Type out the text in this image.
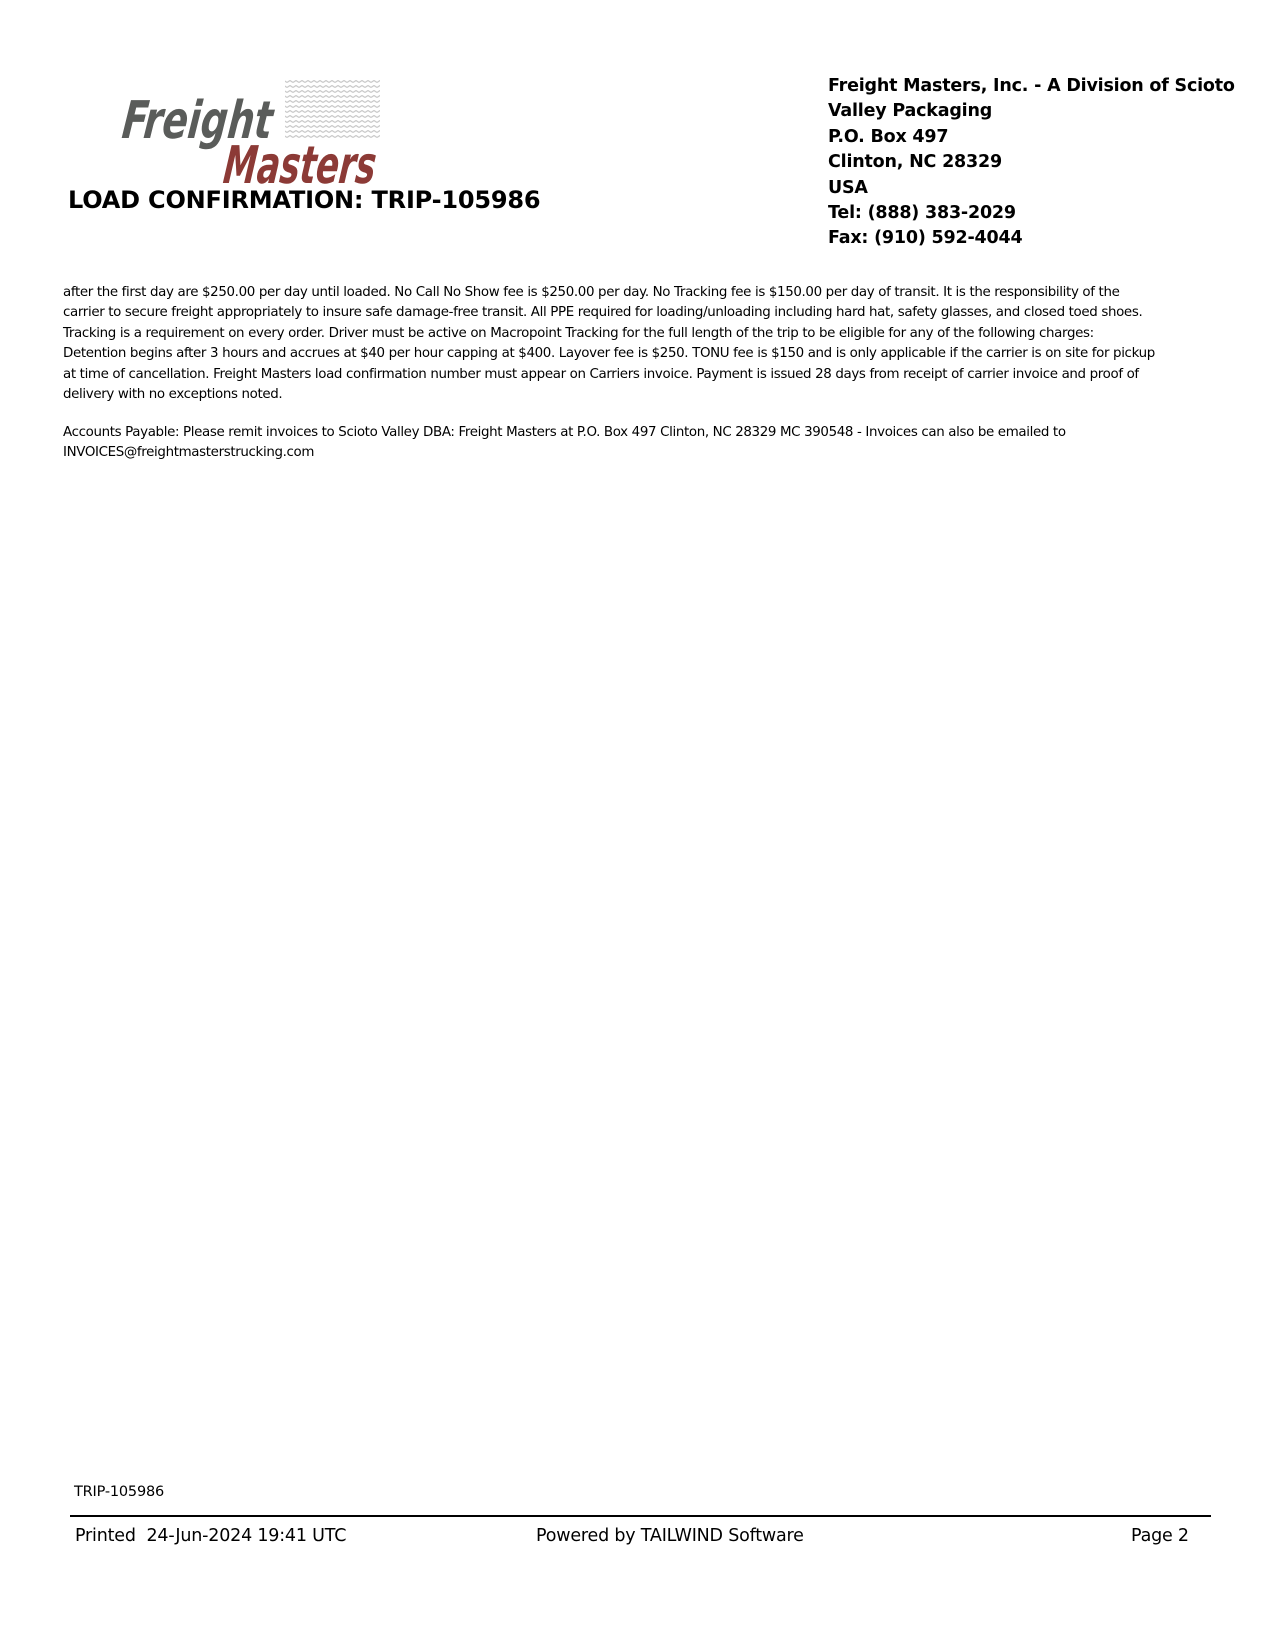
Freight
Masters
LOAD CONFIRMATION: TRIP-105986
Freight Masters, Inc. - A Division of Scioto
Valley Packaging
P.O. Box 497
Clinton, NC 28329
USA
Tel: (888) 383-2029
Fax: (910) 592-4044
after the first day are $250.00 per day until loaded. No Call No Show fee is $250.00 per day. No Tracking fee is $150.00 per day of transit. It is the responsibility of the
carrier to secure freight appropriately to insure safe damage-free transit. All PPE required for loading/unloading including hard hat, safety glasses, and closed toed shoes.
Tracking is a requirement on every order. Driver must be active on Macropoint Tracking for the full length of the trip to be eligible for any of the following charges:
Detention begins after 3 hours and accrues at $40 per hour capping at $400. Layover fee is $250. TONU fee is $150 and is only applicable if the carrier is on site for pickup
at time of cancellation. Freight Masters load confirmation number must appear on Carriers invoice. Payment is issued 28 days from receipt of carrier invoice and proof of
delivery with no exceptions noted.
Accounts Payable: Please remit invoices to Scioto Valley DBA: Freight Masters at P.O. Box 497 Clinton, NC 28329 MC 390548 - Invoices can also be emailed to
INVOICES@freightmasterstrucking.com
TRIP-105986
Printed  24-Jun-2024 19:41 UTC	Powered by TAILWIND Software	Page 2
